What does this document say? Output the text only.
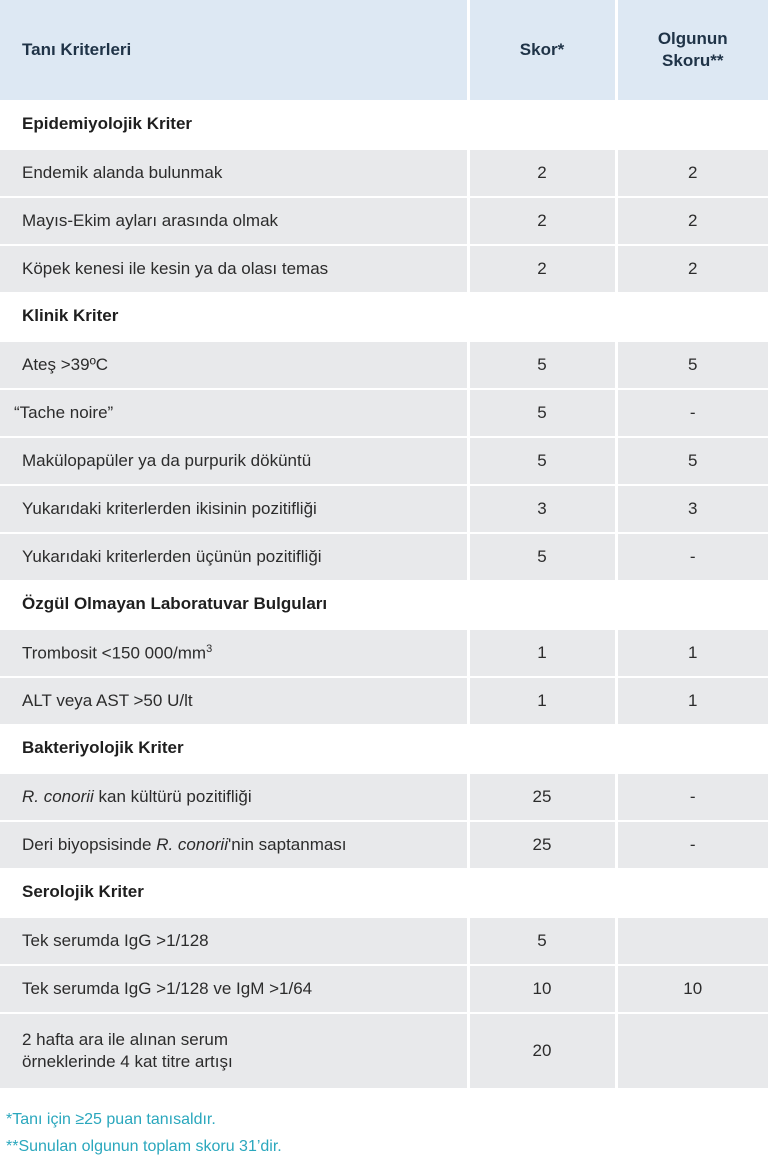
Tanı Kriterleri	Skor*	Olgunun
Skoru**
Epidemiyolojik Kriter		
Endemik alanda bulunmak	2	2
Mayıs-Ekim ayları arasında olmak	2	2
Köpek kenesi ile kesin ya da olası temas	2	2
Klinik Kriter		
Ateş >39ºC	5	5
“Tache noire”	5	-
Makülopapüler ya da purpurik döküntü	5	5
Yukarıdaki kriterlerden ikisinin pozitifliği	3	3
Yukarıdaki kriterlerden üçünün pozitifliği	5	-
Özgül Olmayan Laboratuvar Bulguları		
Trombosit <150 $000/mm^3$	1	1
ALT veya AST >50 U/lt	1	1
Bakteriyolojik Kriter		
R. conorii kan kültürü pozitifliği	25	-
Deri biyopsisinde R. conorii'nin saptanması	25	-
Serolojik Kriter		
Tek serumda IgG >1/128	5	
Tek serumda IgG >1/128 ve IgM >1/64	10	10
2 hafta ara ile alınan serum
örneklerinde 4 kat titre artışı	20	
*Tanı için ≥25 puan tanısaldır.
**Sunulan olgunun toplam skoru 31’dir.
